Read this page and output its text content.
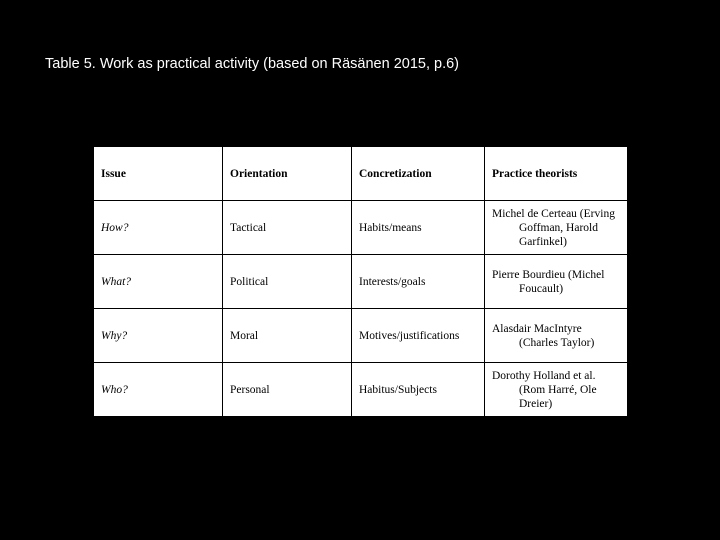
Table 5. Work as practical activity (based on Räsänen 2015, p.6)
Issue	Orientation	Concretization	Practice theorists
How?	Tactical	Habits/means	Michel de Certeau (Erving Goffman, Harold Garfinkel)

What?	Political	Interests/goals	Pierre Bourdieu (Michel Foucault)

Why?	Moral	Motives/justifications	Alasdair MacIntyre (Charles Taylor)

Who?	Personal	Habitus/Subjects	Dorothy Holland et al. (Rom Harré, Ole Dreier)
